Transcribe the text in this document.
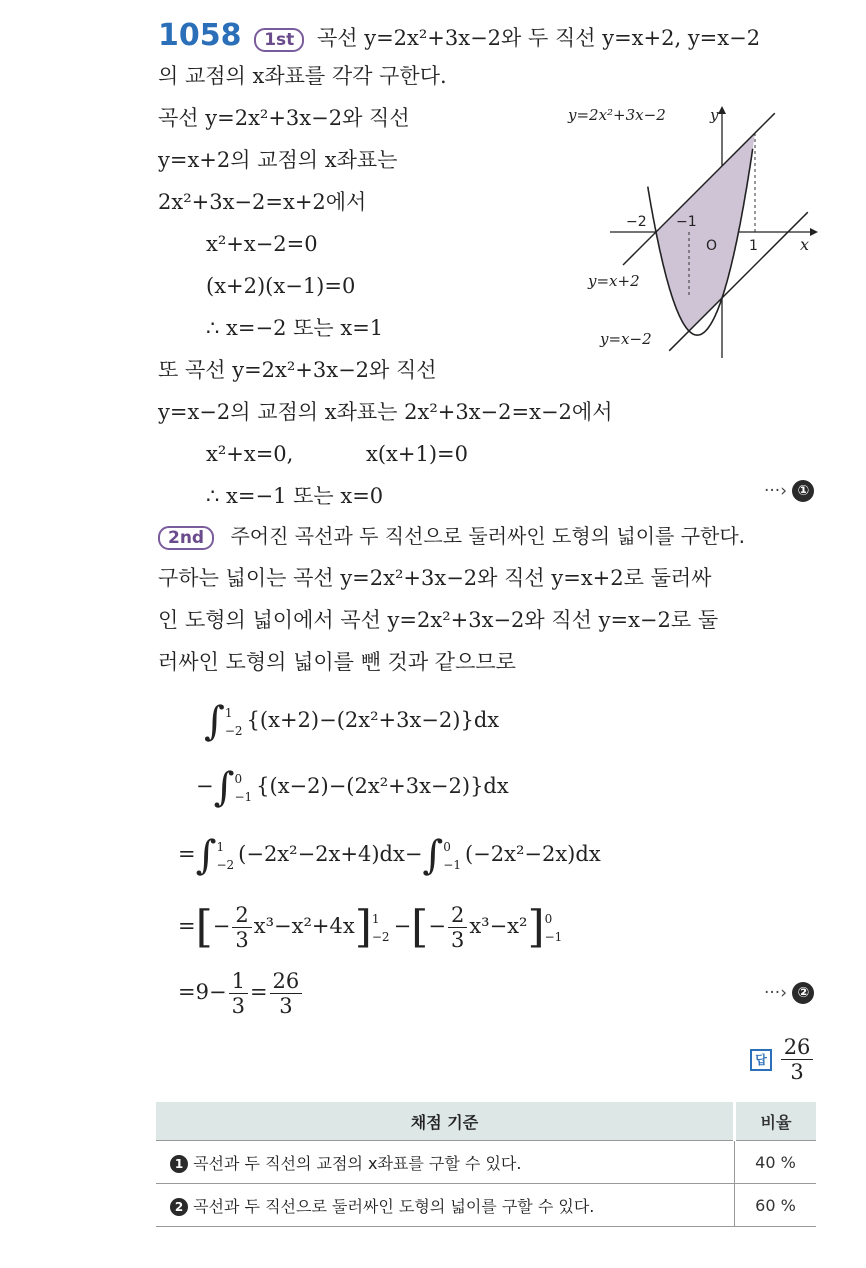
1058 1st 곡선 y=2x²+3x−2와 두 직선 y=x+2, y=x−2
의 교점의 x좌표를 각각 구한다.
곡선 y=2x²+3x−2와 직선
y=x+2의 교점의 x좌표는
2x²+3x−2=x+2에서
x²+x−2=0
(x+2)(x−1)=0
∴ x=−2 또는 x=1
또 곡선 y=2x²+3x−2와 직선
y=x−2의 교점의 x좌표는 2x²+3x−2=x−2에서
x²+x=0,	x(x+1)=0
∴ x=−1 또는 x=0	···› ①
y=2x²+3x−2	y
x
O
−2 −1
1
y=x+2
y=x−2
2nd 주어진 곡선과 두 직선으로 둘러싸인 도형의 넓이를 구한다.
구하는 넓이는 곡선 y=2x²+3x−2와 직선 y=x+2로 둘러싸
인 도형의 넓이에서 곡선 y=2x²+3x−2와 직선 y=x−2로 둘
러싸인 도형의 넓이를 뺀 것과 같으므로
∫ 1
−2 {(x+2)−(2x²+3x−2)}dx
−∫ 0
−1 {(x−2)−(2x²+3x−2)}dx
=∫ 1
−2 (−2x²−2x+4)dx−∫ 0
−1 (−2x²−2x)dx
=[− $\frac{2}{3} x^3-x^2+4x$] 1
−2 −[− $\frac{2}{3} x^3-x^2$] 0
−1
$=9- \frac{1}{3} = \frac{26}{3}$	···› ②
답 $\frac{26}{3}$
채점 기준	비율
1 곡선과 두 직선의 교점의 x좌표를 구할 수 있다.	40 %
2 곡선과 두 직선으로 둘러싸인 도형의 넓이를 구할 수 있다.	60 %
